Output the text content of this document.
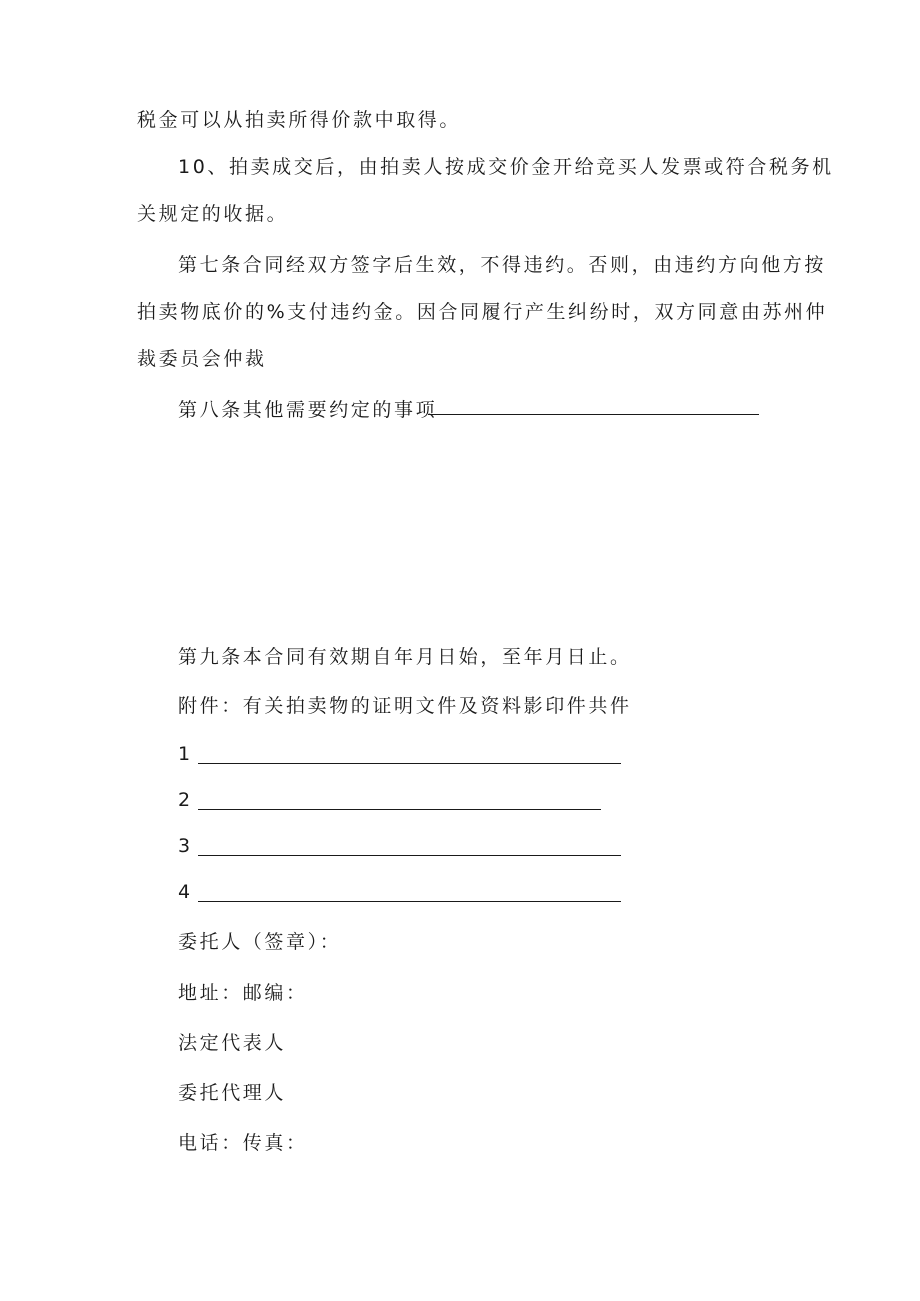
税金可以从拍卖所得价款中取得。
10、拍卖成交后，由拍卖人按成交价金开给竞买人发票或符合税务机
关规定的收据。
第七条合同经双方签字后生效，不得违约。否则，由违约方向他方按
拍卖物底价的%支付违约金。因合同履行产生纠纷时，双方同意由苏州仲
裁委员会仲裁
第八条其他需要约定的事项
第九条本合同有效期自年月日始，至年月日止。
附件：有关拍卖物的证明文件及资料影印件共件
1
2
3
4
委托人（签章）：
地址：邮编：
法定代表人
委托代理人
电话：传真：
